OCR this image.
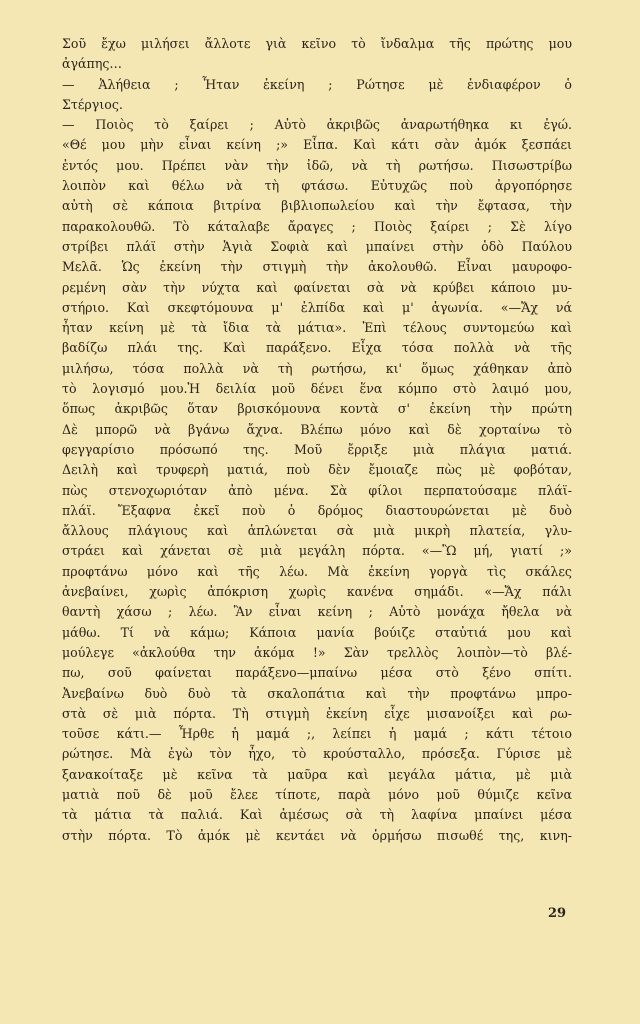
Σοῦ ἔχω μιλήσει ἄλλοτε γιὰ κεῖνο τὸ ἴνδαλμα τῆς πρώτης μου
ἀγάπης…
— Ἀλήθεια ; Ἦταν ἐκείνη ; Ρώτησε μὲ ἐνδιαφέρον ὁ
Στέργιος.
— Ποιὸς τὸ ξαίρει ; Αὐτὸ ἀκριβῶς ἀναρωτήθηκα κι ἐγώ.
«Θέ μου μὴν εἶναι κείνη ;» Εἶπα. Καὶ κάτι σὰν ἀμόκ ξεσπάει
ἐντός μου. Πρέπει νὰν τὴν ἰδῶ, νὰ τὴ ρωτήσω. Πισωστρίβω
λοιπὸν καὶ θέλω νὰ τὴ φτάσω. Εὐτυχῶς ποὺ ἀργοπόρησε
αὐτὴ σὲ κάποια βιτρίνα βιβλιοπωλείου καὶ τὴν ἔφτασα, τὴν
παρακολουθῶ. Τὸ κάταλαβε ἄραγες ; Ποιὸς ξαίρει ; Σὲ λίγο
στρίβει πλάϊ στὴν Ἁγιὰ Σοφιὰ καὶ μπαίνει στὴν ὁδὸ Παύλου
Μελᾶ. Ὡς ἐκείνη τὴν στιγμὴ τὴν ἀκολουθῶ. Εἶναι μαυροφο-
ρεμένη σὰν τὴν νύχτα καὶ φαίνεται σὰ νὰ κρύβει κάποιο μυ-
στήριο. Καὶ σκεφτόμουνα μ' ἐλπίδα καὶ μ' ἀγωνία. «—Ἄχ νά
ἦταν κείνη μὲ τὰ ἴδια τὰ μάτια». Ἐπὶ τέλους συντομεύω καὶ
βαδίζω πλάι της. Καὶ παράξενο. Εἶχα τόσα πολλὰ νὰ τῆς
μιλήσω, τόσα πολλὰ νὰ τὴ ρωτήσω, κι' ὅμως χάθηκαν ἀπὸ
τὸ λογισμό μου.Ἡ δειλία μοῦ δένει ἕνα κόμπο στὸ λαιμό μου,
ὅπως ἀκριβῶς ὅταν βρισκόμουνα κοντὰ σ' ἐκείνη τὴν πρώτη
Δὲ μπορῶ νὰ βγάνω ἄχνα. Βλέπω μόνο καὶ δὲ χορταίνω τὸ
φεγγαρίσιο πρόσωπό της. Μοῦ ἔρριξε μιὰ πλάγια ματιά.
Δειλὴ καὶ τρυφερὴ ματιά, ποὺ δὲν ἔμοιαζε πὼς μὲ φοβόταν,
πὼς στενοχωριόταν ἀπὸ μένα. Σὰ φίλοι περπατούσαμε πλάϊ-
πλάϊ. Ἔξαφνα ἐκεῖ ποὺ ὁ δρόμος διαστουρώνεται μὲ δυὸ
ἄλλους πλάγιους καὶ ἁπλώνεται σὰ μιὰ μικρὴ πλατεία, γλυ-
στράει καὶ χάνεται σὲ μιὰ μεγάλη πόρτα. «—Ὢ μή, γιατί ;»
προφτάνω μόνο καὶ τῆς λέω. Μὰ ἐκείνη γοργὰ τὶς σκάλες
ἀνεβαίνει, χωρὶς ἀπόκριση χωρὶς κανένα σημάδι. «—Ἄχ πάλι
θαντὴ χάσω ; λέω. Ἂν εἶναι κείνη ; Αὐτὸ μονάχα ἤθελα νὰ
μάθω. Τί νὰ κάμω; Κάποια μανία βούιζε σταὐτιά μου καὶ
μούλεγε «ἀκλούθα την ἀκόμα !» Σὰν τρελλὸς λοιπὸν—τὸ βλέ-
πω, σοῦ φαίνεται παράξενο—μπαίνω μέσα στὸ ξένο σπίτι.
Ἀνεβαίνω δυὸ δυὸ τὰ σκαλοπάτια καὶ τὴν προφτάνω μπρο-
στὰ σὲ μιὰ πόρτα. Τὴ στιγμὴ ἐκείνη εἶχε μισανοίξει καὶ ρω-
τοῦσε κάτι.— Ἦρθε ἡ μαμά ;, λείπει ἡ μαμά ; κάτι τέτοιο
ρώτησε. Μὰ ἐγὼ τὸν ἦχο, τὸ κρούσταλλο, πρόσεξα. Γύρισε μὲ
ξανακοίταξε μὲ κεῖνα τὰ μαῦρα καὶ μεγάλα μάτια, μὲ μιὰ
ματιὰ ποῦ δὲ μοῦ ἔλεε τίποτε, παρὰ μόνο μοῦ θύμιζε κεῖνα
τὰ μάτια τὰ παλιά. Καὶ ἀμέσως σὰ τὴ λαφίνα μπαίνει μέσα
στὴν πόρτα. Τὸ ἀμόκ μὲ κεντάει νὰ ὁρμήσω πισωθέ της, κινη-
29
